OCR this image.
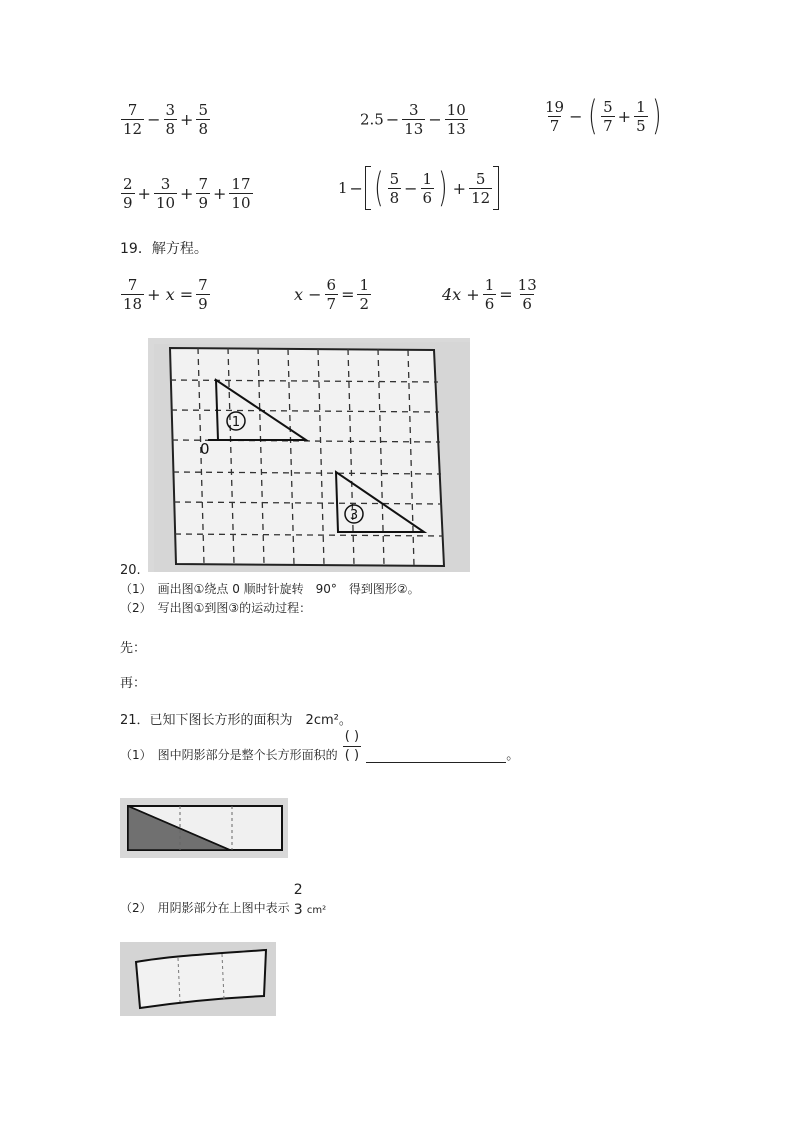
$\frac{7}{12} - \frac{3}{8} + \frac{5}{8}$	$2.5 - \frac{3}{13} - \frac{10}{13}$	$\frac{19}{7}$ − ( $\frac{5}{7} + \frac{1}{5}$ )
$\frac{2}{9} + \frac{3}{10} + \frac{7}{9} + \frac{17}{10}$	1 − ( $\frac{5}{8} - \frac{1}{6}$ ) + $\frac{5}{12}$
19．解方程。
$\frac{7}{18} + x = \frac{7}{9}$	$x - \frac{6}{7} = \frac{1}{2}$	$4x + \frac{1}{6} = \frac{13}{6}$
1
3
0
20.
（1）　画出图①绕点 0 顺时针旋转　90°　得到图形②。
（2）　写出图①到图③的运动过程：
先：
再：
21．已知下图长方形的面积为　2cm²。
（1）　图中阴影部分是整个长方形面积的 $\frac{( )}{( )}$	。
（2）　用阴影部分在上图中表示
2
3 cm²
